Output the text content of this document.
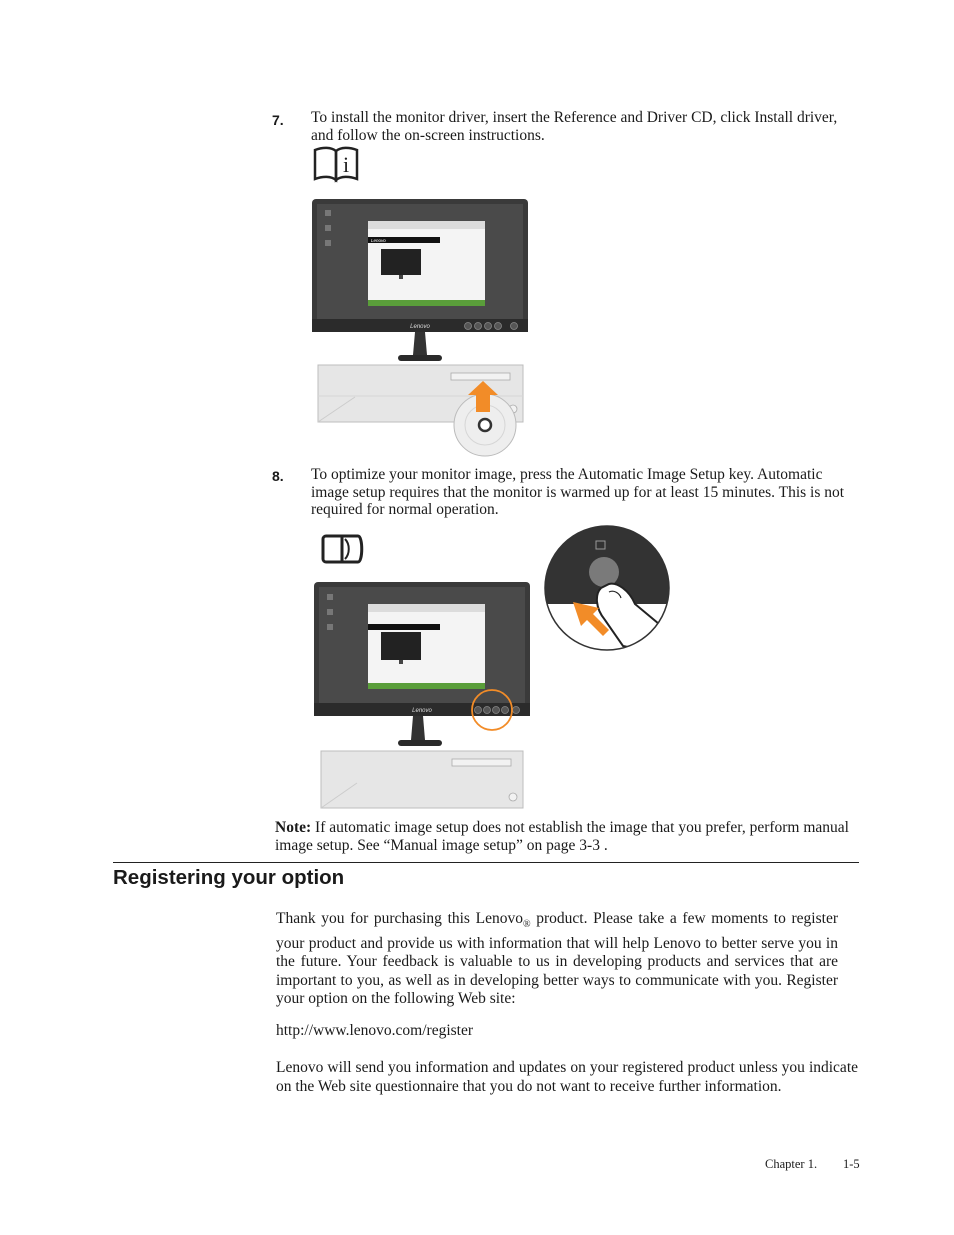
7. To install the monitor driver, insert the Reference and Driver CD, click Install driver, and follow the on-screen instructions.
i
Lenovo
Lenovo
8. To optimize your monitor image, press the Automatic Image Setup key. Automatic image setup requires that the monitor is warmed up for at least 15 minutes. This is not required for normal operation.
Lenovo
Note: If automatic image setup does not establish the image that you prefer, perform manual image setup. See “Manual image setup” on page 3-3 .
Registering your option
Thank you for purchasing this Lenovo$_®$ product. Please take a few moments to register your product and provide us with information that will help Lenovo to better serve you in the future. Your feedback is valuable to us in developing products and services that are important to you, as well as in developing better ways to communicate with you. Register your option on the following Web site:
http://www.lenovo.com/register
Lenovo will send you information and updates on your registered product unless you indicate on the Web site questionnaire that you do not want to receive further information.
Chapter 1. 1-5
